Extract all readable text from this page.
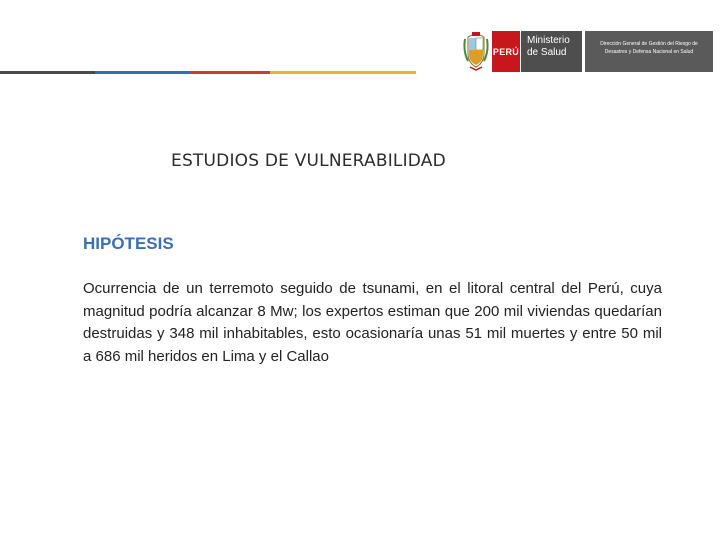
PERÚ
Ministerio
de Salud
Dirección General de Gestión del Riesgo de Desastres y Defensa Nacional en Salud
ESTUDIOS DE VULNERABILIDAD
HIPÓTESIS

Ocurrencia de un terremoto seguido de tsunami, en el litoral central del Perú, cuya magnitud podría alcanzar 8 Mw; los expertos estiman que 200 mil viviendas quedarían destruidas y 348 mil inhabitables, esto ocasionaría unas 51 mil muertes y entre 50 mil a 686 mil heridos en Lima y el Callao
